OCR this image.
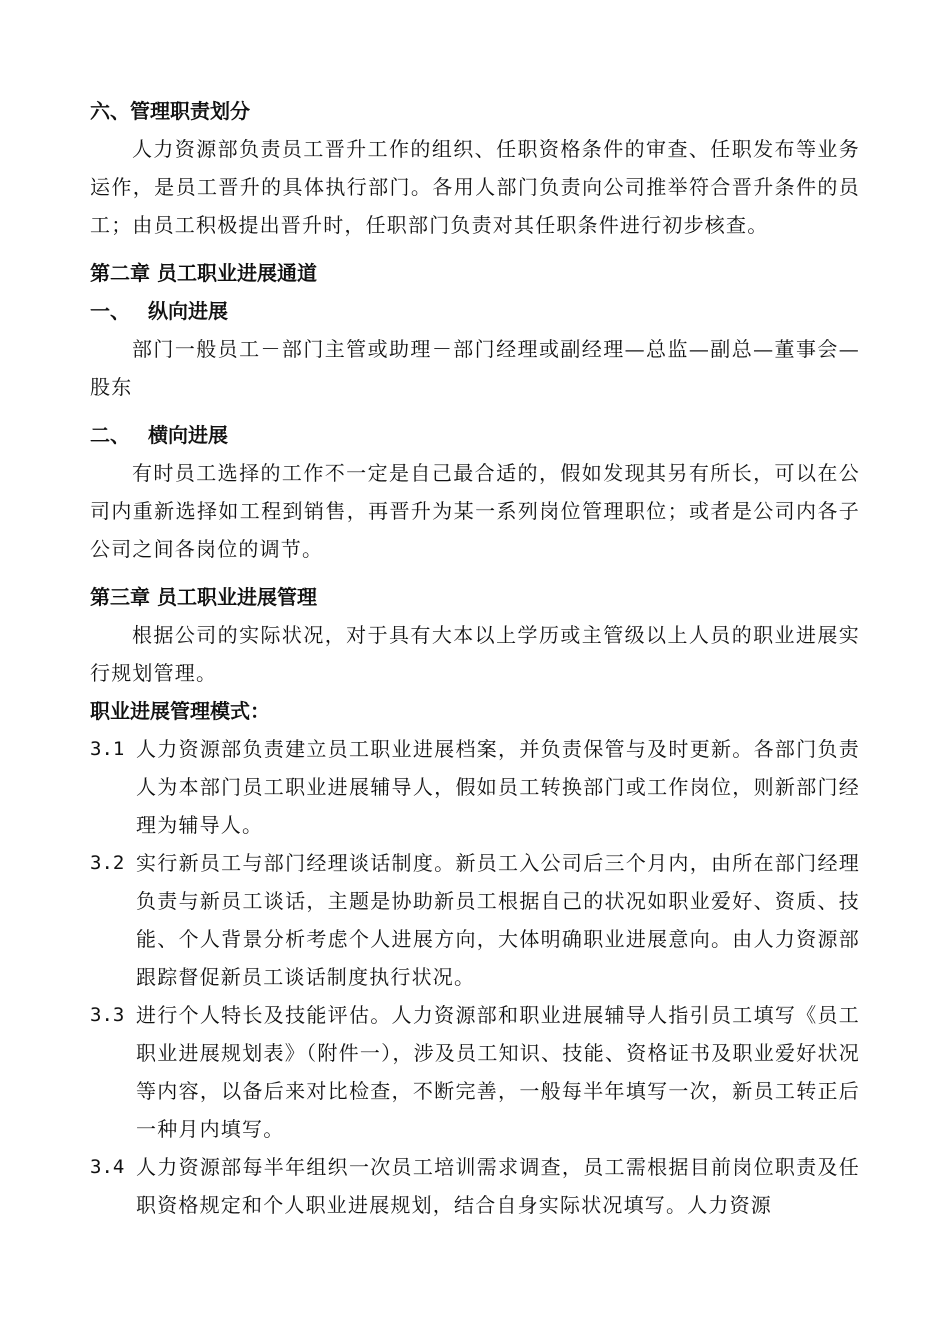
六、管理职责划分

人力资源部负责员工晋升工作的组织、任职资格条件的审查、任职发布等业务运作，是员工晋升的具体执行部门。各用人部门负责向公司推举符合晋升条件的员工；由员工积极提出晋升时，任职部门负责对其任职条件进行初步核查。

第二章 员工职业进展通道

一、 纵向进展

部门一般员工－部门主管或助理－部门经理或副经理—总监—副总—董事会—股东

二、 横向进展

有时员工选择的工作不一定是自己最合适的，假如发现其另有所长，可以在公司内重新选择如工程到销售，再晋升为某一系列岗位管理职位；或者是公司内各子公司之间各岗位的调节。

第三章 员工职业进展管理

根据公司的实际状况，对于具有大本以上学历或主管级以上人员的职业进展实行规划管理。

职业进展管理模式：

3.1 人力资源部负责建立员工职业进展档案，并负责保管与及时更新。各部门负责人为本部门员工职业进展辅导人，假如员工转换部门或工作岗位，则新部门经理为辅导人。
3.2 实行新员工与部门经理谈话制度。新员工入公司后三个月内，由所在部门经理负责与新员工谈话，主题是协助新员工根据自己的状况如职业爱好、资质、技能、个人背景分析考虑个人进展方向，大体明确职业进展意向。由人力资源部跟踪督促新员工谈话制度执行状况。
3.3 进行个人特长及技能评估。人力资源部和职业进展辅导人指引员工填写《员工职业进展规划表》（附件一），涉及员工知识、技能、资格证书及职业爱好状况等内容，以备后来对比检查，不断完善，一般每半年填写一次，新员工转正后一种月内填写。
3.4 人力资源部每半年组织一次员工培训需求调查，员工需根据目前岗位职责及任职资格规定和个人职业进展规划，结合自身实际状况填写。人力资源
